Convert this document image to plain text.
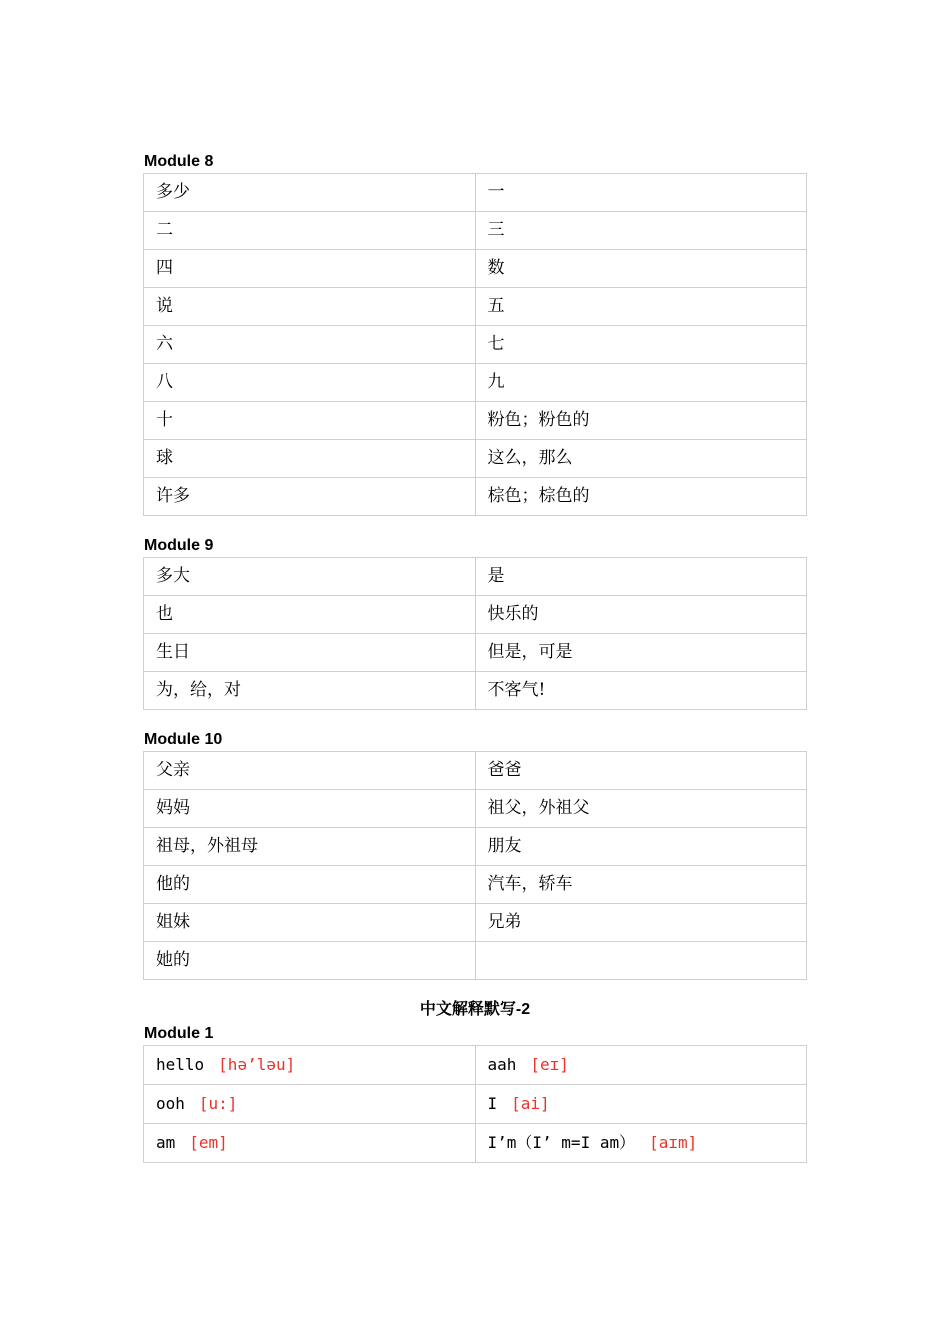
Module 8
多少	一
二	三
四	数
说	五
六	七
八	九
十	粉色；粉色的
球	这么，那么
许多	棕色；棕色的
Module 9
多大	是
也	快乐的
生日	但是，可是
为，给，对	不客气!
Module 10
父亲	爸爸
妈妈	祖父，外祖父
祖母，外祖母	朋友
他的	汽车，轿车
姐妹	兄弟
她的	
中文解释默写-2
Module 1
hello [hə’ləu]	aah [eɪ]
ooh [u:]	I [ai]
am [em]	I’m（I’ m=I am） [aɪm]
